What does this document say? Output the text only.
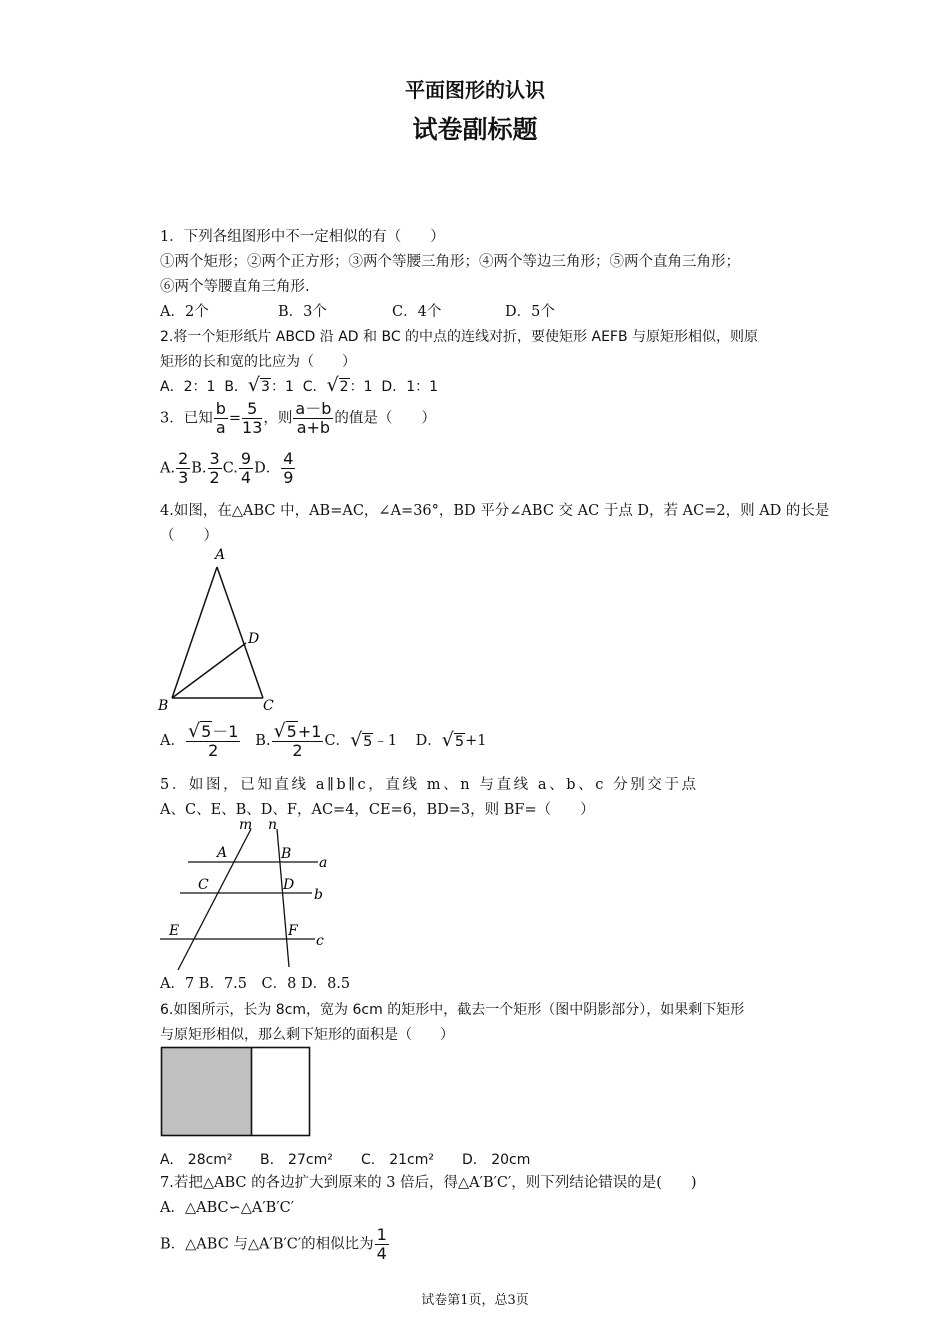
平面图形的认识
试卷副标题
1．下列各组图形中不一定相似的有（　　）
①两个矩形；②两个正方形；③两个等腰三角形；④两个等边三角形；⑤两个直角三角形；
⑥两个等腰直角三角形.
A．2个	B．3个	C．4个	D．5个
2.将一个矩形纸片 ABCD 沿 AD 和 BC 的中点的连线对折，要使矩形 AEFB 与原矩形相似，则原
矩形的长和宽的比应为（　　）
A．2：1 B．√3：1 C．√2：1 D．1：1
3．已知 $\frac{b}{a} = \frac{5}{13}$ ，则 $\frac{a-b}{a+b}$ 的值是（　　）
A. $\frac{2}{3} B$. $\frac{3}{2} C$. $\frac{9}{4}$ D． $\frac{4}{9}$
4.如图，在△ABC 中，AB=AC，∠A=36°，BD 平分∠ABC 交 AC 于点 D，若 AC=2，则 AD 的长是
（　　）
A
D
B	C
A． $\frac{√5-1}{2} B$. $\frac{√5+1}{2}$ C．√5﹣1 D．√5+1
5．如图，已知直线 a∥b∥c，直线 m、n 与直线 a、b、c 分别交于点
A、C、E、B、D、F，AC=4，CE=6，BD=3，则 BF=（　　）
m n
A	B
a
C	D
b
E	F
c
A．7 B．7.5　C．8 D．8.5
6.如图所示，长为 8cm，宽为 6cm 的矩形中，截去一个矩形（图中阴影部分），如果剩下矩形
与原矩形相似，那么剩下矩形的面积是（　　）
A.　28cm² B.　27cm² C.　21cm² D.　20cm
7.若把△ABC 的各边扩大到原来的 3 倍后，得△A′B′C′，则下列结论错误的是(　　)
A．△ABC∽△A′B′C′
B．△ABC 与△A′B′C′的相似比为 $\frac{1}{4}$
试卷第1页，总3页
